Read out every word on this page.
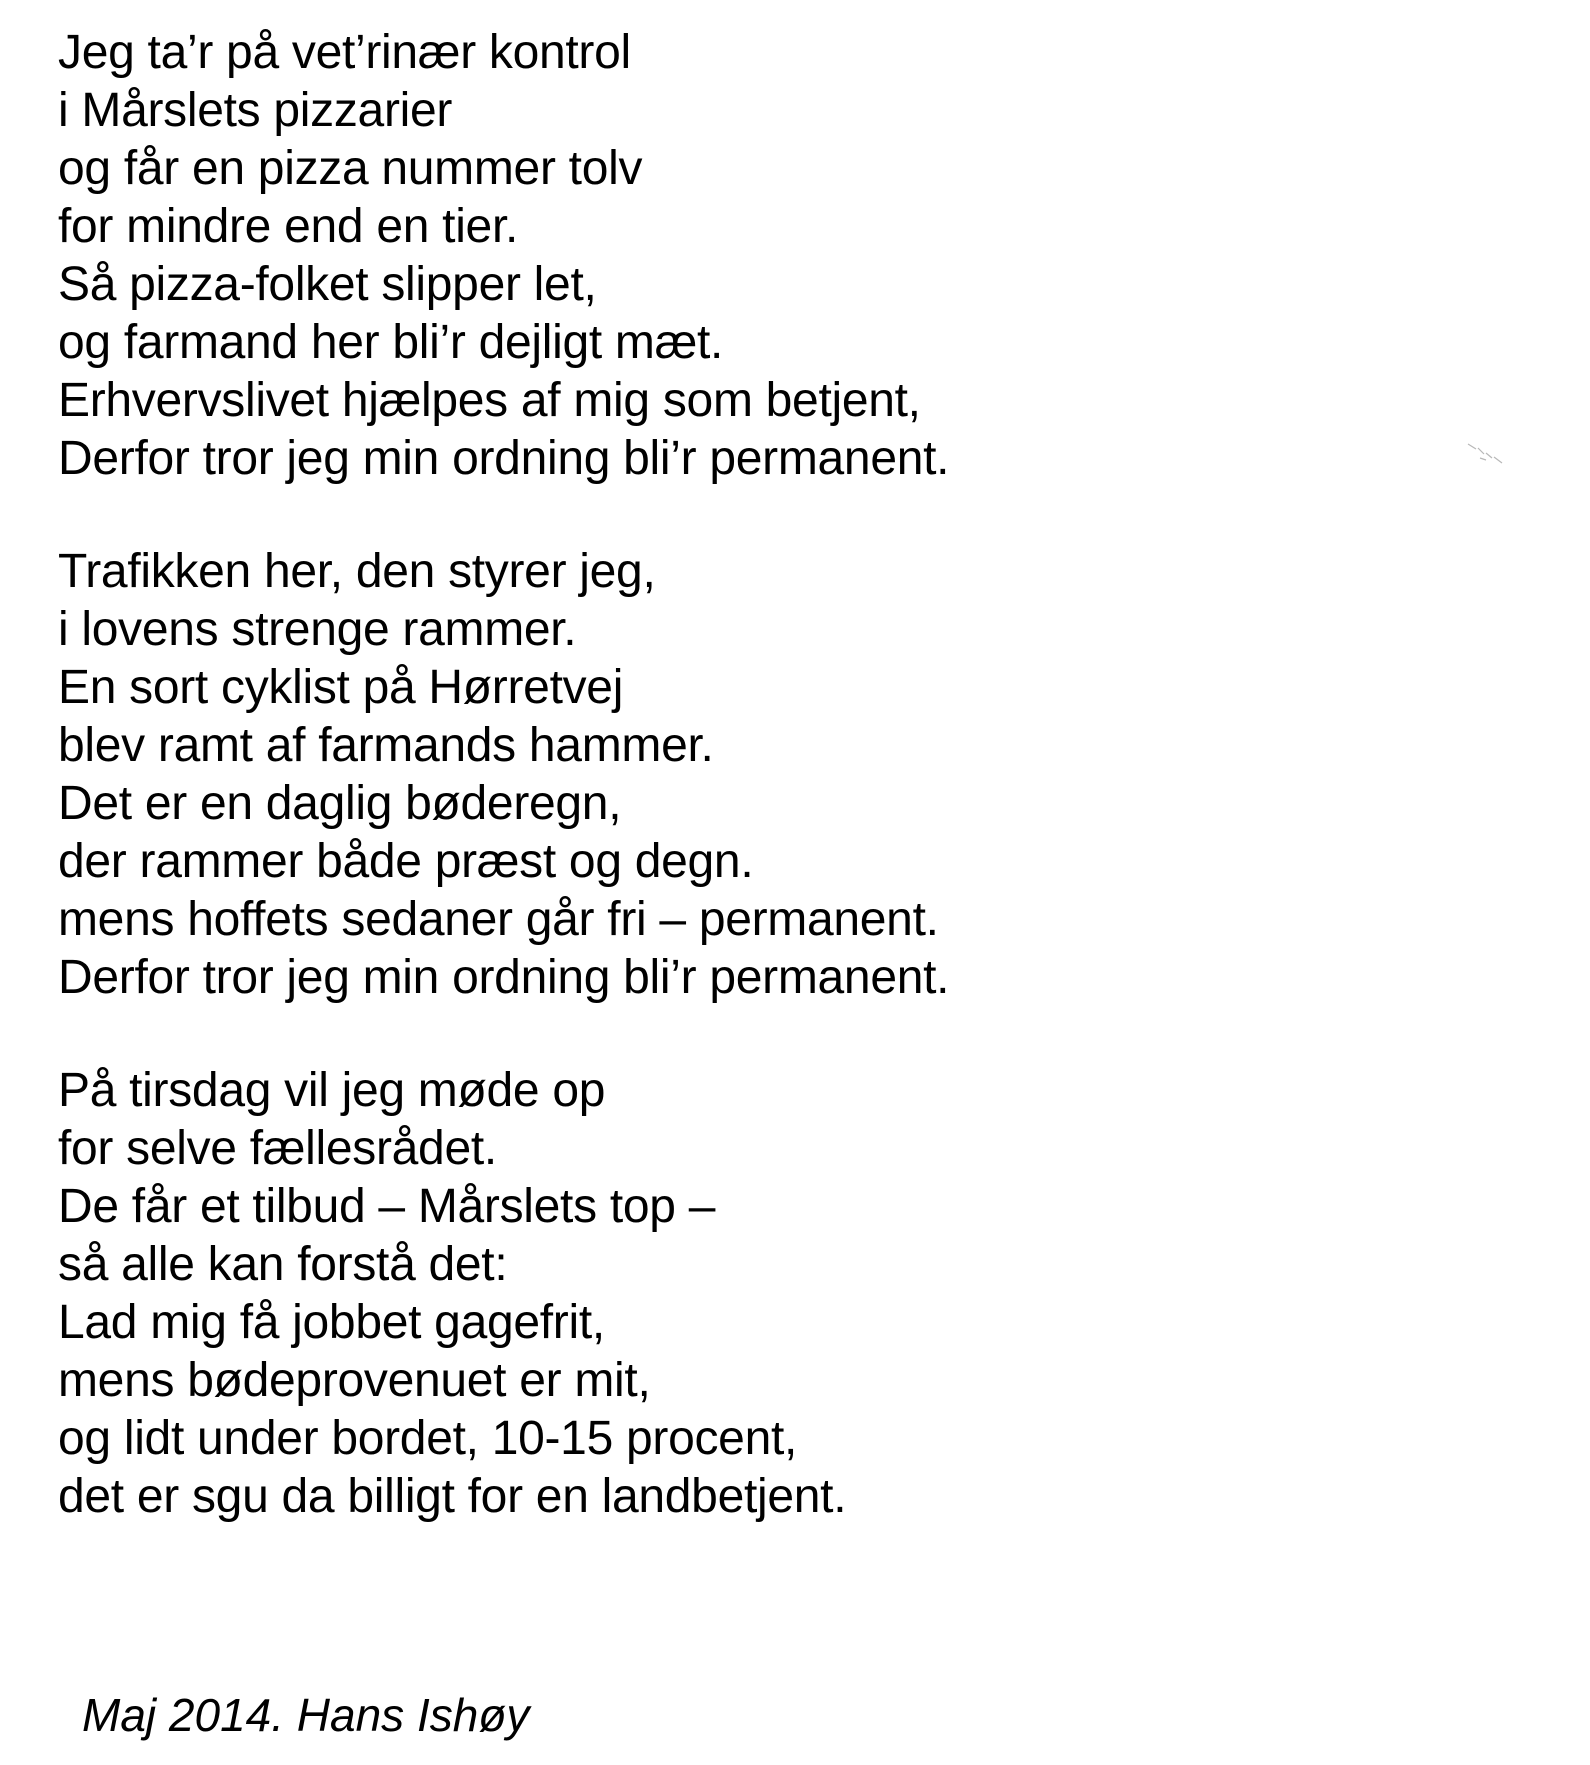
Jeg ta’r på vet’rinær kontrol
i Mårslets pizzarier
og får en pizza nummer tolv
for mindre end en tier.
Så pizza-folket slipper let,
og farmand her bli’r dejligt mæt.
Erhvervslivet hjælpes af mig som betjent,
Derfor tror jeg min ordning bli’r permanent.
Trafikken her, den styrer jeg,
i lovens strenge rammer.
En sort cyklist på Hørretvej
blev ramt af farmands hammer.
Det er en daglig bøderegn,
der rammer både præst og degn.
mens hoffets sedaner går fri – permanent.
Derfor tror jeg min ordning bli’r permanent.
På tirsdag vil jeg møde op
for selve fællesrådet.
De får et tilbud – Mårslets top –
så alle kan forstå det:
Lad mig få jobbet gagefrit,
mens bødeprovenuet er mit,
og lidt under bordet, 10-15 procent,
det er sgu da billigt for en landbetjent.
Maj 2014. Hans Ishøy
